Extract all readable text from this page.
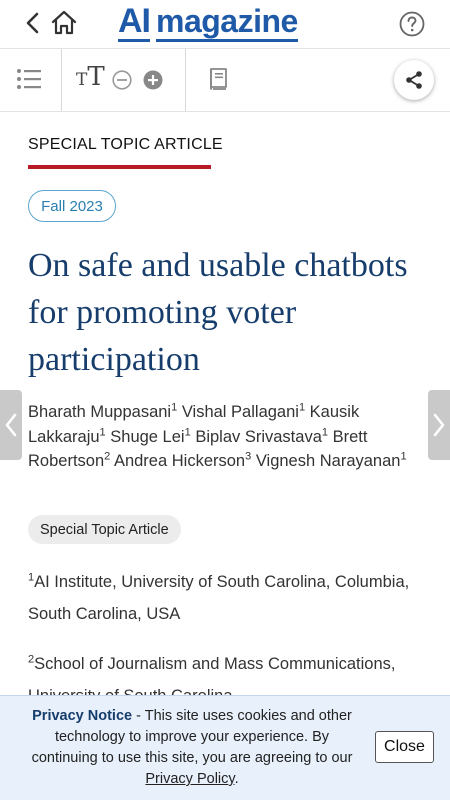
AI magazine
TT
SPECIAL TOPIC ARTICLE
Fall 2023
On safe and usable chatbots for promoting voter participation
Bharath Muppasani$^1$ Vishal Pallagani$^1$ Kausik Lakkaraju$^1$ Shuge Lei$^1$ Biplav Srivastava$^1$ Brett Robertson$^2$ Andrea Hickerson$^3$ Vignesh Narayanan$^1$
Special Topic Article
$^1$AI Institute, University of South Carolina, Columbia, South Carolina, USA
$^2$School of Journalism and Mass Communications,
Privacy Notice - This site uses cookies and other technology to improve your experience. By continuing to use this site, you are agreeing to our Privacy Policy.
Close
